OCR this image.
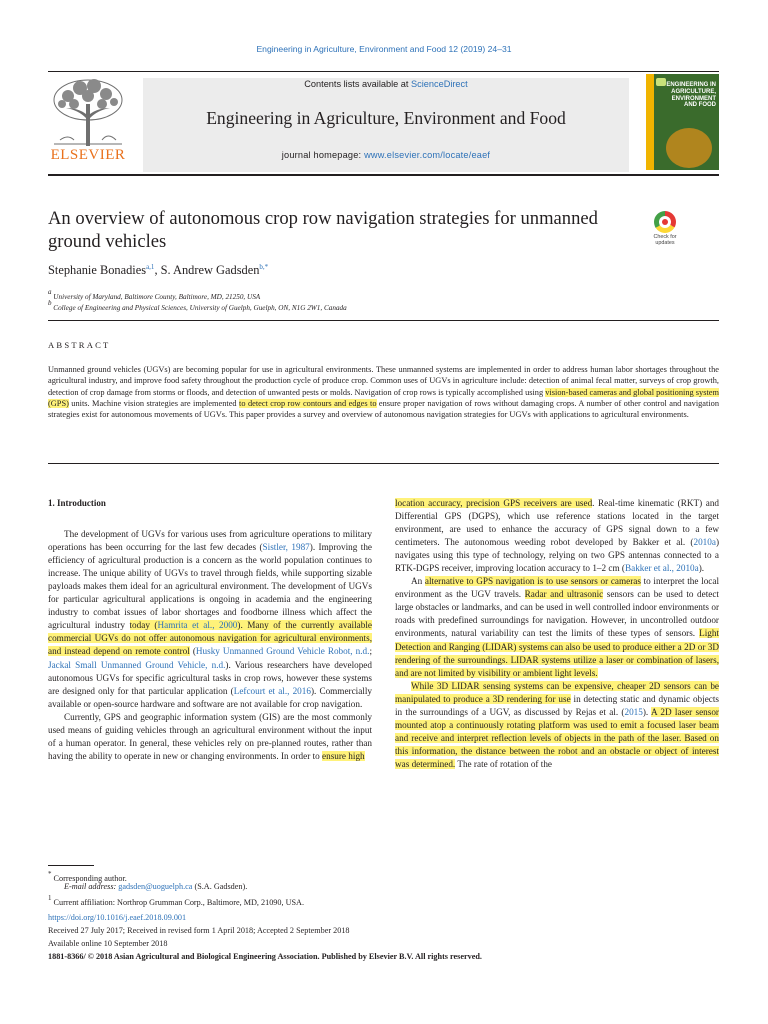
Engineering in Agriculture, Environment and Food 12 (2019) 24–31
ELSEVIER
Contents lists available at ScienceDirect
Engineering in Agriculture, Environment and Food
journal homepage: www.elsevier.com/locate/eaef
ENGINEERING IN AGRICULTURE, ENVIRONMENT AND FOOD
An overview of autonomous crop row navigation strategies for unmanned ground vehicles	Check for updates
Stephanie Bonadies$^{a,1}$, S. Andrew Gadsden$^{b,*}$
$^a$ University of Maryland, Baltimore County, Baltimore, MD, 21250, USA
$^b$ College of Engineering and Physical Sciences, University of Guelph, Guelph, ON, N1G 2W1, Canada
ABSTRACT
Unmanned ground vehicles (UGVs) are becoming popular for use in agricultural environments. These unmanned systems are implemented in order to address human labor shortages throughout the agricultural industry, and improve food safety throughout the production cycle of produce crop. Common uses of UGVs in agriculture include: detection of animal fecal matter, surveys of crop growth, detection of crop damage from storms or floods, and detection of unwanted pests or molds. Navigation of crop rows is typically accomplished using vision-based cameras and global positioning system (GPS) units. Machine vision strategies are implemented to detect crop row contours and edges to ensure proper navigation of rows without damaging crops. A number of other control and navigation strategies exist for autonomous movements of UGVs. This paper provides a survey and overview of autonomous navigation strategies for UGVs with applications to agricultural environments.
1. Introduction

The development of UGVs for various uses from agriculture operations to military operations has been occurring for the last few decades (Sistler, 1987). Improving the efficiency of agricultural production is a concern as the world population continues to increase. The unique ability of UGVs to travel through fields, while supporting sizable payloads makes them ideal for an agricultural environment. The development of UGVs for particular agricultural applications is ongoing in academia and the engineering industry to combat issues of labor shortages and foodborne illness which affect the agricultural industry today (Hamrita et al., 2000). Many of the currently available commercial UGVs do not offer autonomous navigation for agricultural environments, and instead depend on remote control (Husky Unmanned Ground Vehicle Robot, n.d.; Jackal Small Unmanned Ground Vehicle, n.d.). Various researchers have developed autonomous UGVs for specific agricultural tasks in crop rows, however these systems are designed only for that particular application (Lefcourt et al., 2016). Commercially available or open-source hardware and software are not available for crop navigation.

Currently, GPS and geographic information system (GIS) are the most commonly used means of guiding vehicles through an agricultural environment without the input of a human operator. In general, these vehicles rely on pre-planned routes, rather than having the ability to operate in new or changing environments. In order to ensure high

location accuracy, precision GPS receivers are used. Real-time kinematic (RKT) and Differential GPS (DGPS), which use reference stations located in the target environment, are used to enhance the accuracy of GPS signal down to a few centimeters. The autonomous weeding robot developed by Bakker et al. (2010a) navigates using this type of technology, relying on two GPS antennas connected to a RTK-DGPS receiver, improving location accuracy to 1–2 cm (Bakker et al., 2010a).

An alternative to GPS navigation is to use sensors or cameras to interpret the local environment as the UGV travels. Radar and ultrasonic sensors can be used to detect large obstacles or landmarks, and can be used in well controlled indoor environments or roads with predefined surroundings for navigation. However, in uncontrolled outdoor environments, natural variability can test the limits of these types of sensors. Light Detection and Ranging (LIDAR) systems can also be used to produce either a 2D or 3D rendering of the surroundings. LIDAR systems utilize a laser or combination of lasers, and are not limited by visibility or ambient light levels.

While 3D LIDAR sensing systems can be expensive, cheaper 2D sensors can be manipulated to produce a 3D rendering for use in detecting static and dynamic objects in the surroundings of a UGV, as discussed by Rejas et al. (2015). A 2D laser sensor mounted atop a continuously rotating platform was used to emit a focused laser beam and receive and interpret reflection levels of objects in the path of the laser. Based on this information, the distance between the robot and an obstacle or object of interest was determined. The rate of rotation of the

* Corresponding author.
E-mail address: gadsden@uoguelph.ca (S.A. Gadsden).
$^1$ Current affiliation: Northrop Grumman Corp., Baltimore, MD, 21090, USA.
https://doi.org/10.1016/j.eaef.2018.09.001
Received 27 July 2017; Received in revised form 1 April 2018; Accepted 2 September 2018
Available online 10 September 2018
1881-8366/ © 2018 Asian Agricultural and Biological Engineering Association. Published by Elsevier B.V. All rights reserved.
